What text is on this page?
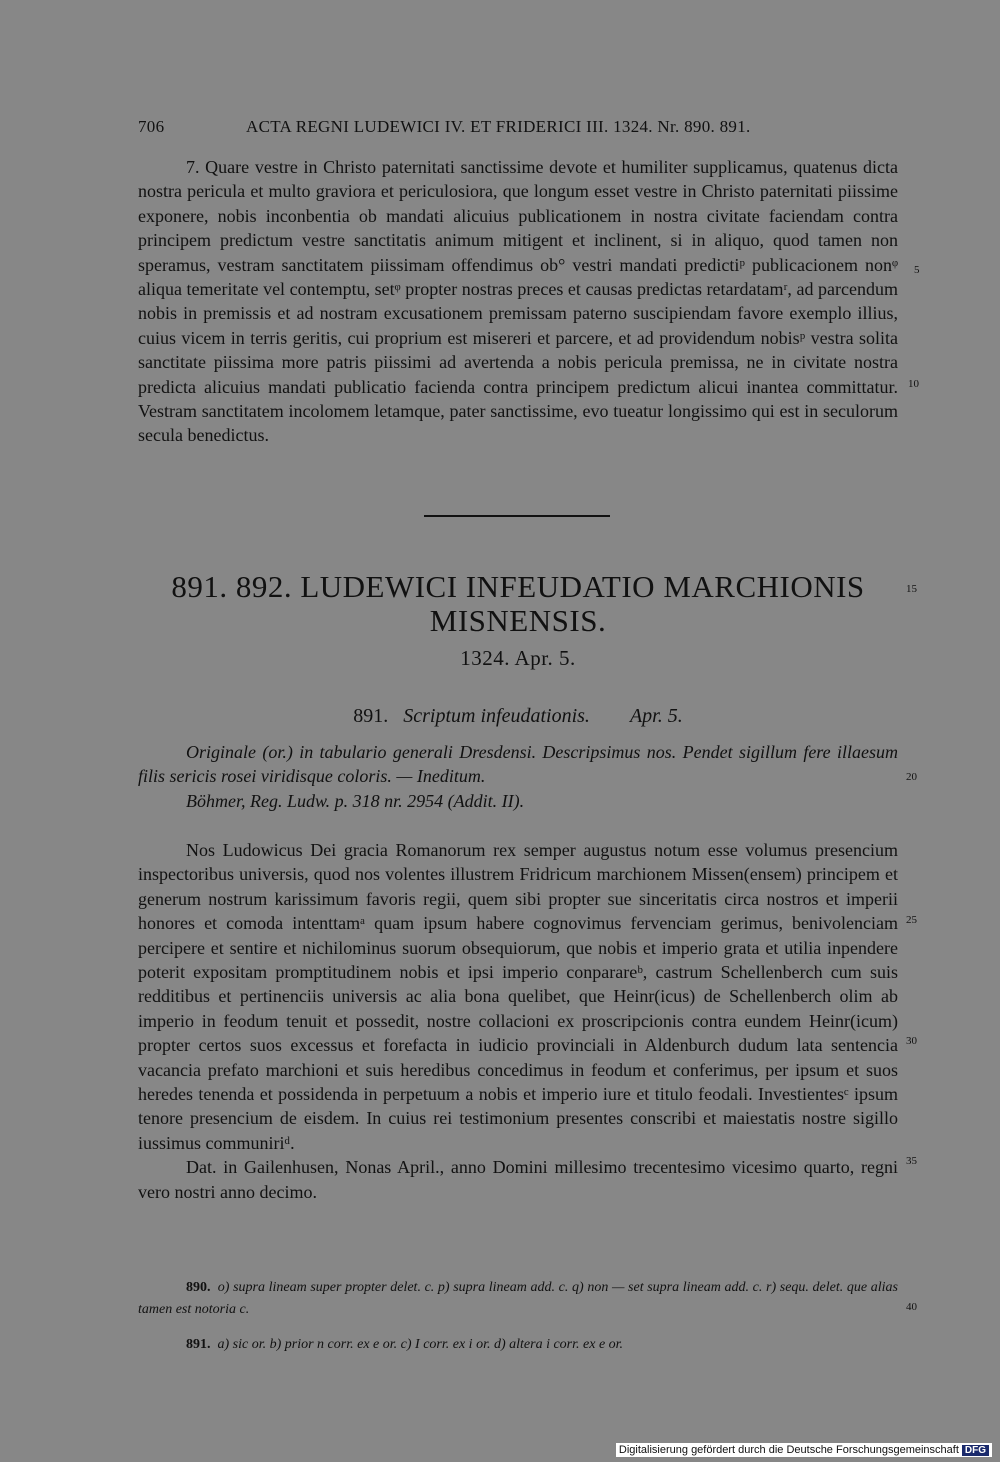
706	ACTA REGNI LUDEWICI IV. ET FRIDERICI III. 1324. Nr. 890. 891.

7. Quare vestre in Christo paternitati sanctissime devote et humiliter supplicamus, quatenus dicta nostra pericula et multo graviora et periculosiora, que longum esset vestre in Christo paternitati piissime exponere, nobis inconbentia ob mandati alicuius publicationem in nostra civitate faciendam contra principem predictum vestre sanctitatis animum mitigent et inclinent, si in aliquo, quod tamen non speramus, vestram sanctitatem piissimam offendimus ob° vestri mandati predictiᵖ publicacionem nonᵠ aliqua temeritate vel contemptu, setᵠ propter nostras preces et causas predictas retardatamʳ, ad parcendum nobis in premissis et ad nostram excusationem premissam paterno suscipiendam favore exemplo illius, cuius vicem in terris geritis, cui proprium est misereri et parcere, et ad providendum nobisᵖ vestra solita sanctitate piissima more patris piissimi ad avertenda a nobis pericula premissa, ne in civitate nostra predicta alicuius mandati publicatio facienda contra principem predictum alicui inantea committatur. Vestram sanctitatem incolomem letamque, pater sanctissime, evo tueatur longissimo qui est in seculorum secula benedictus.

891. 892. LUDEWICI INFEUDATIO MARCHIONIS
MISNENSIS.
1324. Apr. 5.
891. Scriptum infeudationis. Apr. 5.

Originale (or.) in tabulario generali Dresdensi. Descripsimus nos. Pendet sigillum fere illaesum filis sericis rosei viridisque coloris. — Ineditum.

Böhmer, Reg. Ludw. p. 318 nr. 2954 (Addit. II).

Nos Ludowicus Dei gracia Romanorum rex semper augustus notum esse volumus presencium inspectoribus universis, quod nos volentes illustrem Fridricum marchionem Missen(ensem) principem et generum nostrum karissimum favoris regii, quem sibi propter sue sinceritatis circa nostros et imperii honores et comoda intenttamᵃ quam ipsum habere cognovimus fervenciam gerimus, benivolenciam percipere et sentire et nichilominus suorum obsequiorum, que nobis et imperio grata et utilia inpendere poterit expositam promptitudinem nobis et ipsi imperio conparareᵇ, castrum Schellenberch cum suis redditibus et pertinenciis universis ac alia bona quelibet, que Heinr(icus) de Schellenberch olim ab imperio in feodum tenuit et possedit, nostre collacioni ex proscripcionis contra eundem Heinr(icum) propter certos suos excessus et forefacta in iudicio provinciali in Aldenburch dudum lata sentencia vacancia prefato marchioni et suis heredibus concedimus in feodum et conferimus, per ipsum et suos heredes tenenda et possidenda in perpetuum a nobis et imperio iure et titulo feodali. Investientesᶜ ipsum tenore presencium de eisdem. In cuius rei testimonium presentes conscribi et maiestatis nostre sigillo iussimus communiriᵈ.

Dat. in Gailenhusen, Nonas April., anno Domini millesimo trecentesimo vicesimo quarto, regni vero nostri anno decimo.

890. o) supra lineam super propter delet. c. p) supra lineam add. c. q) non — set supra lineam add. c. r) sequ. delet. que alias tamen est notoria c.

891. a) sic or. b) prior n corr. ex e or. c) I corr. ex i or. d) altera i corr. ex e or.

5
10
15
20
25
30
35
40
Digitalisierung gefördert durch die Deutsche Forschungsgemeinschaft DFG
